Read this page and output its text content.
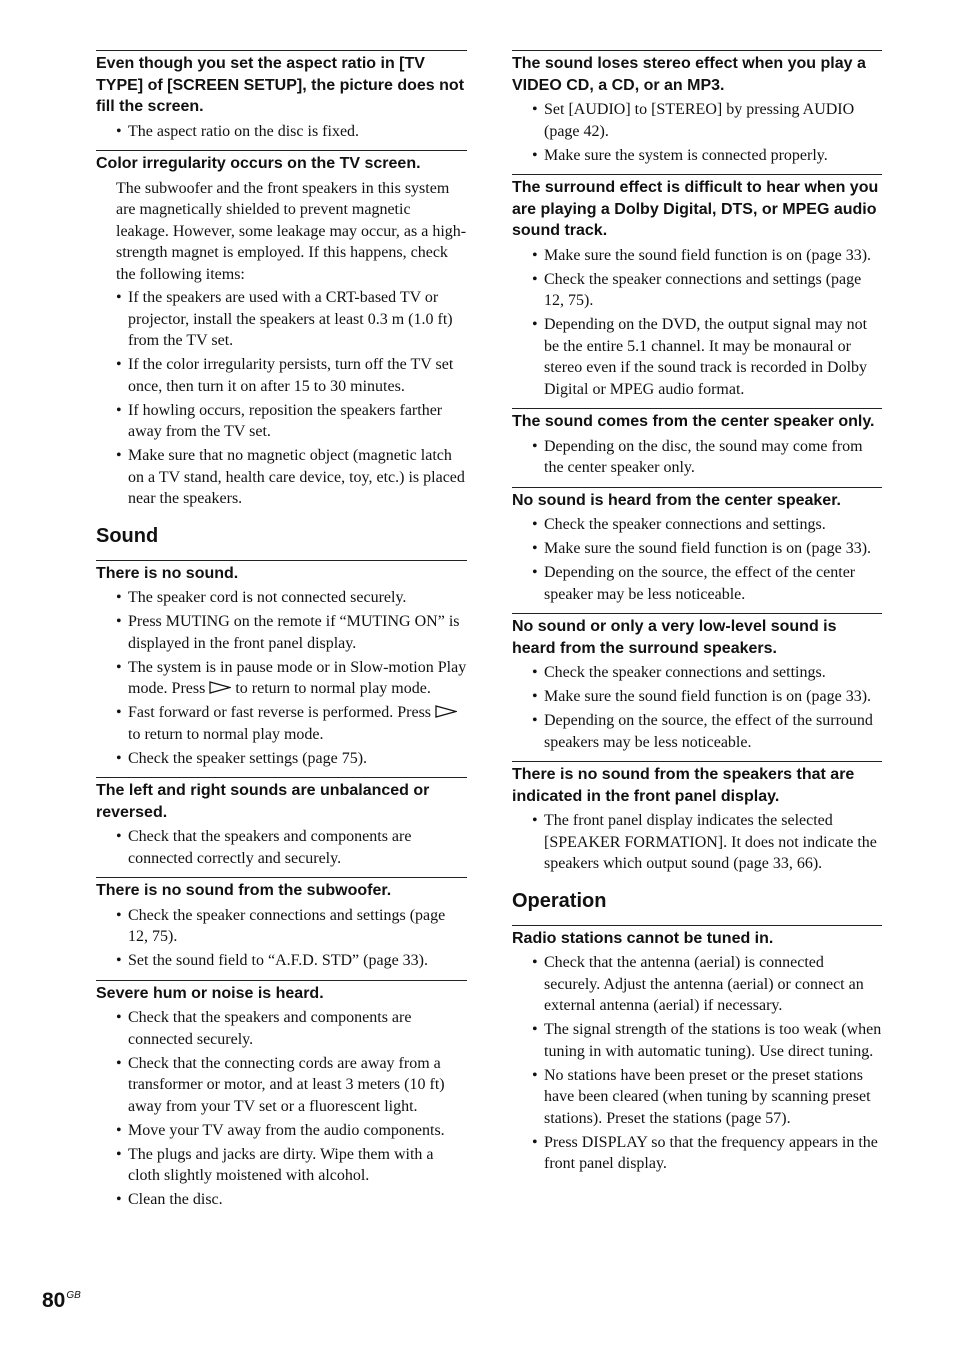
Even though you set the aspect ratio in [TV TYPE] of [SCREEN SETUP], the picture does not fill the screen.

• The aspect ratio on the disc is fixed.

Color irregularity occurs on the TV screen.

The subwoofer and the front speakers in this system are magnetically shielded to prevent magnetic leakage. However, some leakage may occur, as a high-strength magnet is employed. If this happens, check the following items:

• If the speakers are used with a CRT-based TV or projector, install the speakers at least 0.3 m (1.0 ft) from the TV set.
• If the color irregularity persists, turn off the TV set once, then turn it on after 15 to 30 minutes.
• If howling occurs, reposition the speakers farther away from the TV set.
• Make sure that no magnetic object (magnetic latch on a TV stand, health care device, toy, etc.) is placed near the speakers.
Sound

There is no sound.

• The speaker cord is not connected securely.
• Press MUTING on the remote if “MUTING ON” is displayed in the front panel display.
• The system is in pause mode or in Slow-motion Play mode. Press to return to normal play mode.
• Fast forward or fast reverse is performed. Press  to return to normal play mode.
• Check the speaker settings (page 75).

The left and right sounds are unbalanced or reversed.

• Check that the speakers and components are connected correctly and securely.

There is no sound from the subwoofer.

• Check the speaker connections and settings (page 12, 75).
• Set the sound field to “A.F.D. STD” (page 33).

Severe hum or noise is heard.

• Check that the speakers and components are connected securely.
• Check that the connecting cords are away from a transformer or motor, and at least 3 meters (10 ft) away from your TV set or a fluorescent light.
• Move your TV away from the audio components.
• The plugs and jacks are dirty. Wipe them with a cloth slightly moistened with alcohol.
• Clean the disc.

The sound loses stereo effect when you play a VIDEO CD, a CD, or an MP3.

• Set [AUDIO] to [STEREO] by pressing AUDIO (page 42).
• Make sure the system is connected properly.

The surround effect is difficult to hear when you are playing a Dolby Digital, DTS, or MPEG audio sound track.

• Make sure the sound field function is on (page 33).
• Check the speaker connections and settings (page 12, 75).
• Depending on the DVD, the output signal may not be the entire 5.1 channel. It may be monaural or stereo even if the sound track is recorded in Dolby Digital or MPEG audio format.

The sound comes from the center speaker only.

• Depending on the disc, the sound may come from the center speaker only.

No sound is heard from the center speaker.

• Check the speaker connections and settings.
• Make sure the sound field function is on (page 33).
• Depending on the source, the effect of the center speaker may be less noticeable.

No sound or only a very low-level sound is heard from the surround speakers.

• Check the speaker connections and settings.
• Make sure the sound field function is on (page 33).
• Depending on the source, the effect of the surround speakers may be less noticeable.

There is no sound from the speakers that are indicated in the front panel display.

• The front panel display indicates the selected [SPEAKER FORMATION]. It does not indicate the speakers which output sound (page 33, 66).
Operation

Radio stations cannot be tuned in.

• Check that the antenna (aerial) is connected securely. Adjust the antenna (aerial) or connect an external antenna (aerial) if necessary.
• The signal strength of the stations is too weak (when tuning in with automatic tuning). Use direct tuning.
• No stations have been preset or the preset stations have been cleared (when tuning by scanning preset stations). Preset the stations (page 57).
• Press DISPLAY so that the frequency appears in the front panel display.
$80^{GB}$
